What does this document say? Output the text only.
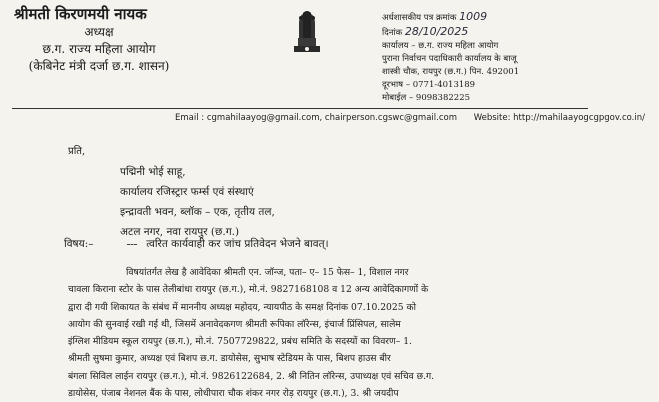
श्रीमती किरणमयी नायक
अध्यक्ष
छ.ग. राज्य महिला आयोग
(केबिनेट मंत्री दर्जा छ.ग. शासन)
अर्धशासकीय पत्र क्रमांक 1009
दिनांक 28/10/2025
कार्यालय – छ.ग. राज्य महिला आयोग
पुराना निर्वाचन पदाधिकारी कार्यालय के बाजू
शास्त्री चौक, रायपुर (छ.ग.) पिन. 492001
दूरभाष – 0771-4013189
मोबाईल – 9098382225
Email : cgmahilaayog@gmail.com, chairperson.cgswc@gmail.com Website: http://mahilaayogcgpgov.co.in/
प्रति,
पद्मिनी भोई साहू,
कार्यालय रजिस्ट्रार फर्म्स एवं संस्थाएं
इन्द्रावती भवन, ब्लॉक – एक, तृतीय तल,
अटल नगर, नवा रायपुर (छ.ग.)
विषय:–	त्वरित कार्यवाही कर जांच प्रतिवेदन भेजने बावत्।
विषयांतर्गत लेख है आवेदिका श्रीमती एन. जॉन्ज, पता– ए– 15 फेस– 1, विशाल नगर
चावला किराना स्टोर के पास तेलीबांधा रायपुर (छ.ग.), मो.नं. 9827168108 व 12 अन्य आवेदिकागणों के
द्वारा दी गयी शिकायत के संबंध में माननीय अध्यक्ष महोदय, न्यायपीठ के समक्ष दिनांक 07.10.2025 को
आयोग की सुनवाई रखी गई थी, जिसमें अनावेदकगण श्रीमती रूपिका लॉरेन्स, इंचार्ज प्रिंसिपल, सालेम
इंग्लिश मीडियम स्कूल रायपुर (छ.ग.), मो.नं. 7507729822, प्रबंध समिति के सदस्यों का विवरण– 1.
श्रीमती सुषमा कुमार, अध्यक्ष एवं बिशप छ.ग. डायोसेस, सुभाष स्टेडियम के पास, बिशप हाउस बीर
बंगला सिविल लाईन रायपुर (छ.ग.), मो.नं. 9826122684, 2. श्री नितिन लॉरेन्स, उपाध्यक्ष एवं सचिव छ.ग.
डायोसेस, पंजाब नेशनल बैंक के पास, लोधीपारा चौक शंकर नगर रोड़ रायपुर (छ.ग.), 3. श्री जयदीप
